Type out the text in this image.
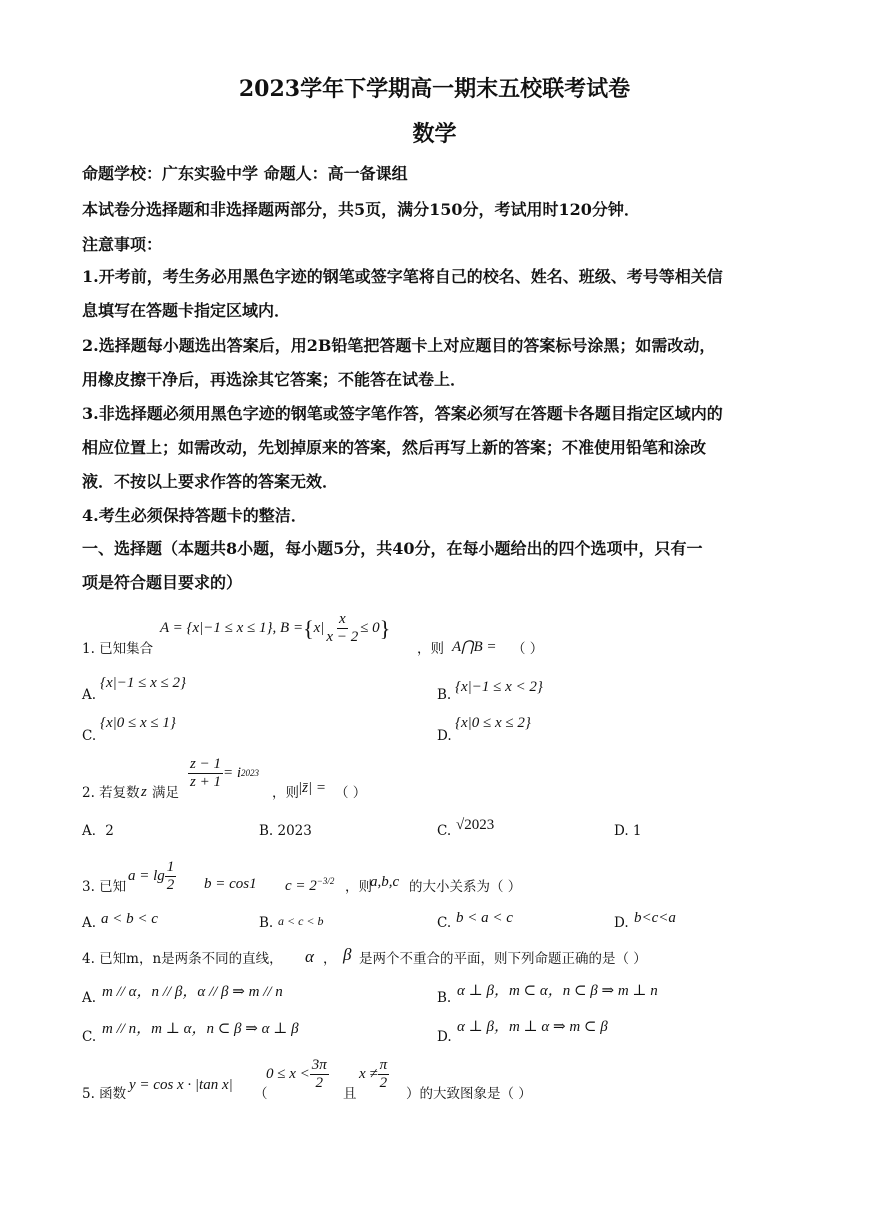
2023学年下学期高一期末五校联考试卷
数学
命题学校：广东实验中学 命题人：高一备课组
本试卷分选择题和非选择题两部分，共5页，满分150分，考试用时120分钟．
注意事项：
1.开考前，考生务必用黑色字迹的钢笔或签字笔将自己的校名、姓名、班级、考号等相关信
息填写在答题卡指定区域内．
2.选择题每小题选出答案后，用2B铅笔把答题卡上对应题目的答案标号涂黑；如需改动，
用橡皮擦干净后，再选涂其它答案；不能答在试卷上．
3.非选择题必须用黑色字迹的钢笔或签字笔作答，答案必须写在答题卡各题目指定区域内的
相应位置上；如需改动，先划掉原来的答案，然后再写上新的答案；不准使用铅笔和涂改
液．不按以上要求作答的答案无效．
4.考生必须保持答题卡的整洁．
一、选择题（本题共8小题，每小题5分，共40分，在每小题给出的四个选项中，只有一
项是符合题目要求的）
1. 已知集合
A = {x|−1 ≤ x ≤ 1}, B = { $x| \frac{x}{x - 2} \le 0$ }
，则 A⋂B = （ ）
A.
{x|−1 ≤ x ≤ 2}
B. {x|−1 ≤ x < 2}
C.
{x|0 ≤ x ≤ 1}
D.
{x|0 ≤ x ≤ 2}
2. 若复数 z 满足
$\frac{z - 1}{z + 1} = i$ 2023
，则 |z̄| = （ ）
A．2	B. 2023	C. √2023	D. 1
3. 已知
$a = \lg \frac{1}{2}$ b = cos1 $c = 2^{-3/2}$ ，则
a,b,c 的大小关系为（ ）
A. a < b < c	B. a < c < b	C. b < a < c	D. b<c<a
4. 已知m，n是两条不同的直线， α ， β 是两个不重合的平面，则下列命题正确的是（ ）
A. m // α，n // β，α // β ⇒ m // n	B. α ⊥ β，m ⊂ α，n ⊂ β ⇒ m ⊥ n
C. m // n，m ⊥ α，n ⊂ β ⇒ α ⊥ β	D.
α ⊥ β，m ⊥ α ⇒ m ⊂ β
5. 函数
y = cos x · |tan x|
（
$0 \le x < \frac{3\pi}{2}$
且
$x \ne \frac{\pi}{2}$
）的大致图象是（ ）
